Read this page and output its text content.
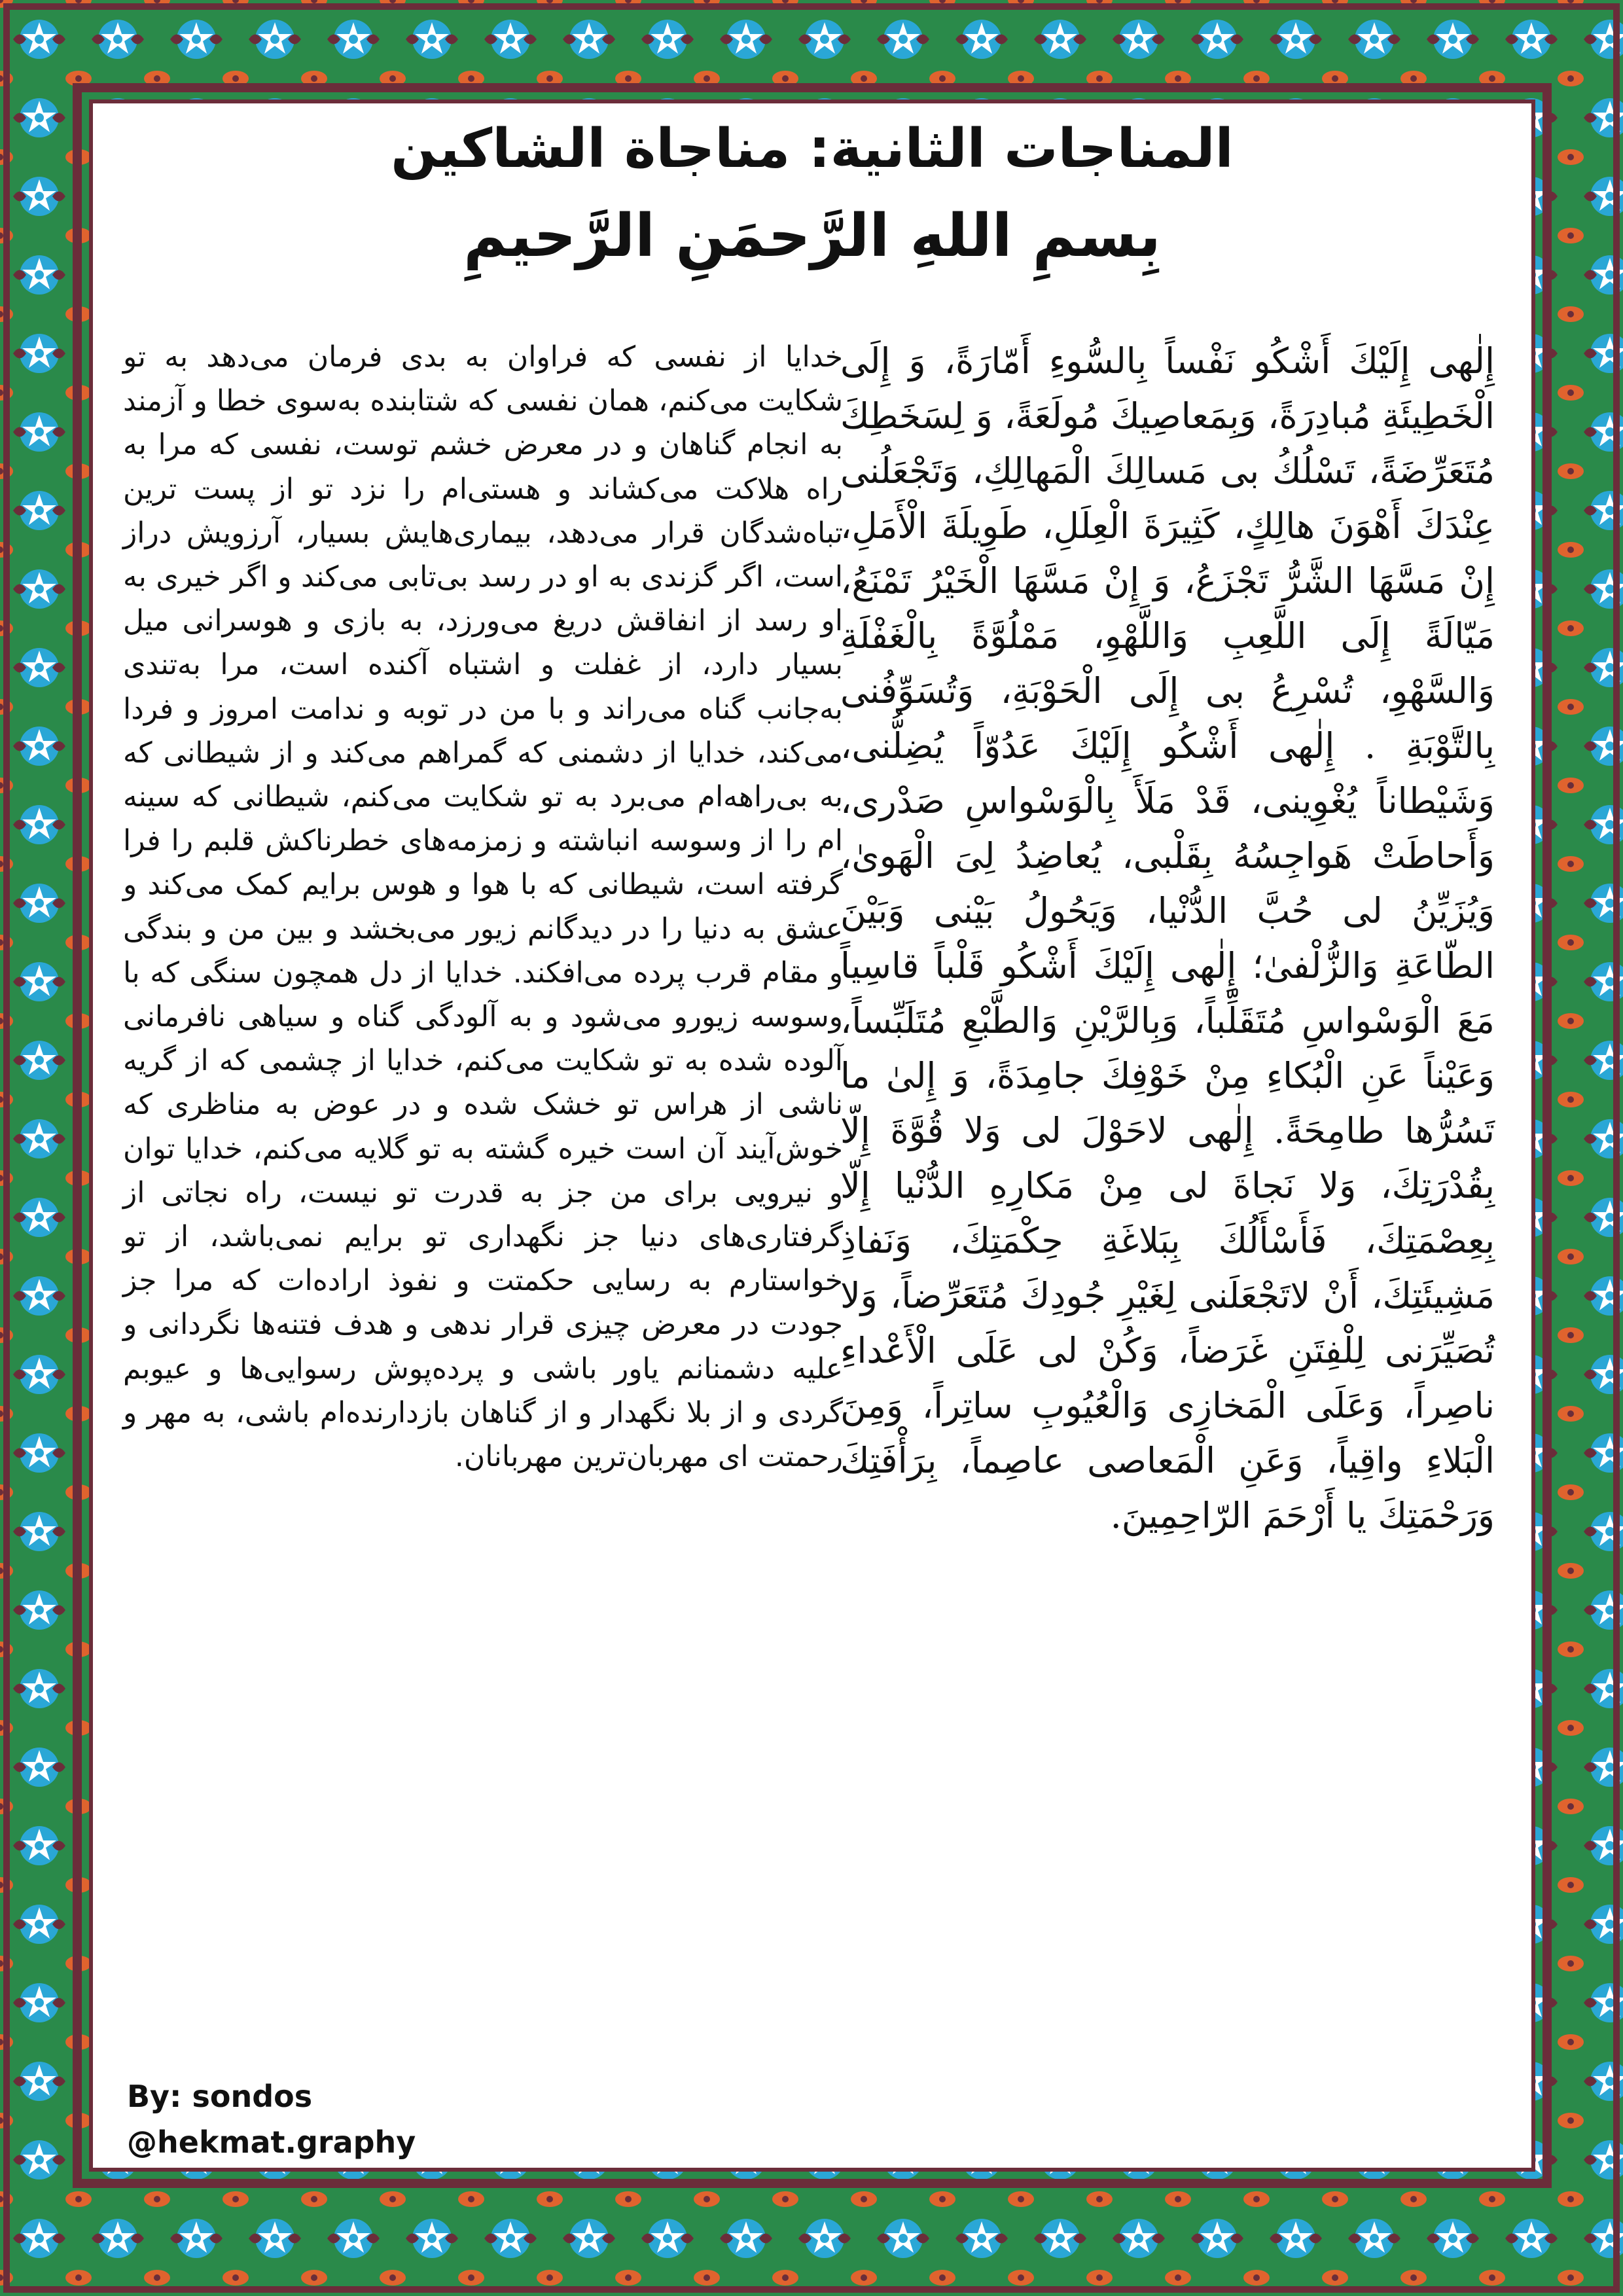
المناجات الثانية: مناجاة الشاكين
بِسمِ اللهِ الرَّحمَنِ الرَّحیمِ
إِلٰهی إِلَیْكَ أَشْكُو نَفْساً بِالسُّوءِ أَمّارَةً، وَ إِلَى الْخَطِیئَةِ مُبادِرَةً، وَبِمَعاصِیكَ مُولَعَةً، وَ لِسَخَطِكَ مُتَعَرِّضَةً، تَسْلُكُ بی مَسالِكَ الْمَهالِكِ، وَتَجْعَلُنی عِنْدَكَ أَهْوَنَ هالِكٍ، كَثِیرَةَ الْعِلَلِ، طَوِیلَةَ الْأَمَلِ، إِنْ مَسَّهَا الشَّرُّ تَجْزَعُ، وَ إِنْ مَسَّهَا الْخَیْرُ تَمْنَعُ، مَیّالَةً إِلَى اللَّعِبِ وَاللَّهْوِ، مَمْلُوَّةً بِالْغَفْلَةِ وَالسَّهْوِ، تُسْرِعُ بی إِلَى الْحَوْبَةِ، وَتُسَوِّفُنی بِالتَّوْبَةِ . إِلٰهی أَشْكُو إِلَیْكَ عَدُوّاً یُضِلُّنی، وَشَیْطاناً یُغْوِینی، قَدْ مَلَأَ بِالْوَسْواسِ صَدْری، وَأَحاطَتْ هَواجِسُهُ بِقَلْبی، یُعاضِدُ لِیَ الْهَوىٰ، وَیُزَیِّنُ لی حُبَّ الدُّنْیا، وَیَحُولُ بَیْنی وَبَیْنَ الطّاعَةِ وَالزُّلْفىٰ؛ إِلٰهی إِلَیْكَ أَشْكُو قَلْباً قاسِیاً مَعَ الْوَسْواسِ مُتَقَلِّباً، وَبِالرَّیْنِ وَالطَّبْعِ مُتَلَبِّساً، وَعَیْناً عَنِ الْبُكاءِ مِنْ خَوْفِكَ جامِدَةً، وَ إِلىٰ ما تَسُرُّها طامِحَةً. إِلٰهی لاحَوْلَ لی وَلا قُوَّةَ إِلّا بِقُدْرَتِكَ، وَلا نَجاةَ لی مِنْ مَكارِهِ الدُّنْیا إِلّا بِعِصْمَتِكَ، فَأَسْأَلُكَ بِبَلاغَةِ حِكْمَتِكَ، وَنَفاذِ مَشِیئَتِكَ، أَنْ لاتَجْعَلَنی لِغَیْرِ جُودِكَ مُتَعَرِّضاً، وَلا تُصَیِّرَنی لِلْفِتَنِ غَرَضاً، وَكُنْ لی عَلَى الْأَعْداءِ ناصِراً، وَعَلَى الْمَخازِی وَالْعُیُوبِ ساتِراً، وَمِنَ الْبَلاءِ واقِیاً، وَعَنِ الْمَعاصی عاصِماً، بِرَأْفَتِكَ وَرَحْمَتِكَ یا أَرْحَمَ الرّاحِمِینَ.
خدایا از نفسی که فراوان به بدی فرمان می‌دهد به تو شکایت می‌کنم، همان نفسی که شتابنده به‌سوی خطا و آزمند به انجام گناهان و در معرض خشم توست، نفسی که مرا به راه هلاکت می‌کشاند و هستی‌ام را نزد تو از پست ترین تباه‌شدگان قرار می‌دهد، بیماری‌هایش بسیار، آرزویش دراز است، اگر گزندی به او در رسد بی‌تابی می‌کند و اگر خیری به او رسد از انفاقش دریغ می‌ورزد، به بازی و هوسرانی میل بسیار دارد، از غفلت و اشتباه آکنده است، مرا به‌تندی به‌جانب گناه می‌راند و با من در توبه و ندامت امروز و فردا می‌کند، خدایا از دشمنی که گمراهم می‌کند و از شیطانی که به بی‌راهه‌ام می‌برد به تو شکایت می‌کنم، شیطانی که سینه ام را از وسوسه انباشته و زمزمه‌های خطرناکش قلبم را فرا گرفته است، شیطانی که با هوا و هوس برایم کمک می‌کند و عشق به دنیا را در دیدگانم زیور می‌بخشد و بین من و بندگی و مقام قرب پرده می‌افکند. خدایا از دل همچون سنگی که با وسوسه زیورو می‌شود و به آلودگی گناه و سیاهی نافرمانی آلوده شده به تو شکایت می‌کنم، خدایا از چشمی که از گریه ناشی از هراس تو خشک شده و در عوض به مناظری که خوش‌آیند آن است خیره گشته به تو گلایه می‌کنم، خدایا توان و نیرویی برای من جز به قدرت تو نیست، راه نجاتی از گرفتاری‌های دنیا جز نگهداری تو برایم نمی‌باشد، از تو خواستارم به رسایی حکمتت و نفوذ اراده‌ات که مرا جز جودت در معرض چیزی قرار ندهی و هدف فتنه‌ها نگردانی و علیه دشمنانم یاور باشی و پرده‌پوش رسوایی‌ها و عیوبم گردی و از بلا نگهدار و از گناهان بازدارنده‌ام باشی، به مهر و رحمتت ای مهربان‌ترین مهربانان.
By: sondos
@hekmat.graphy
